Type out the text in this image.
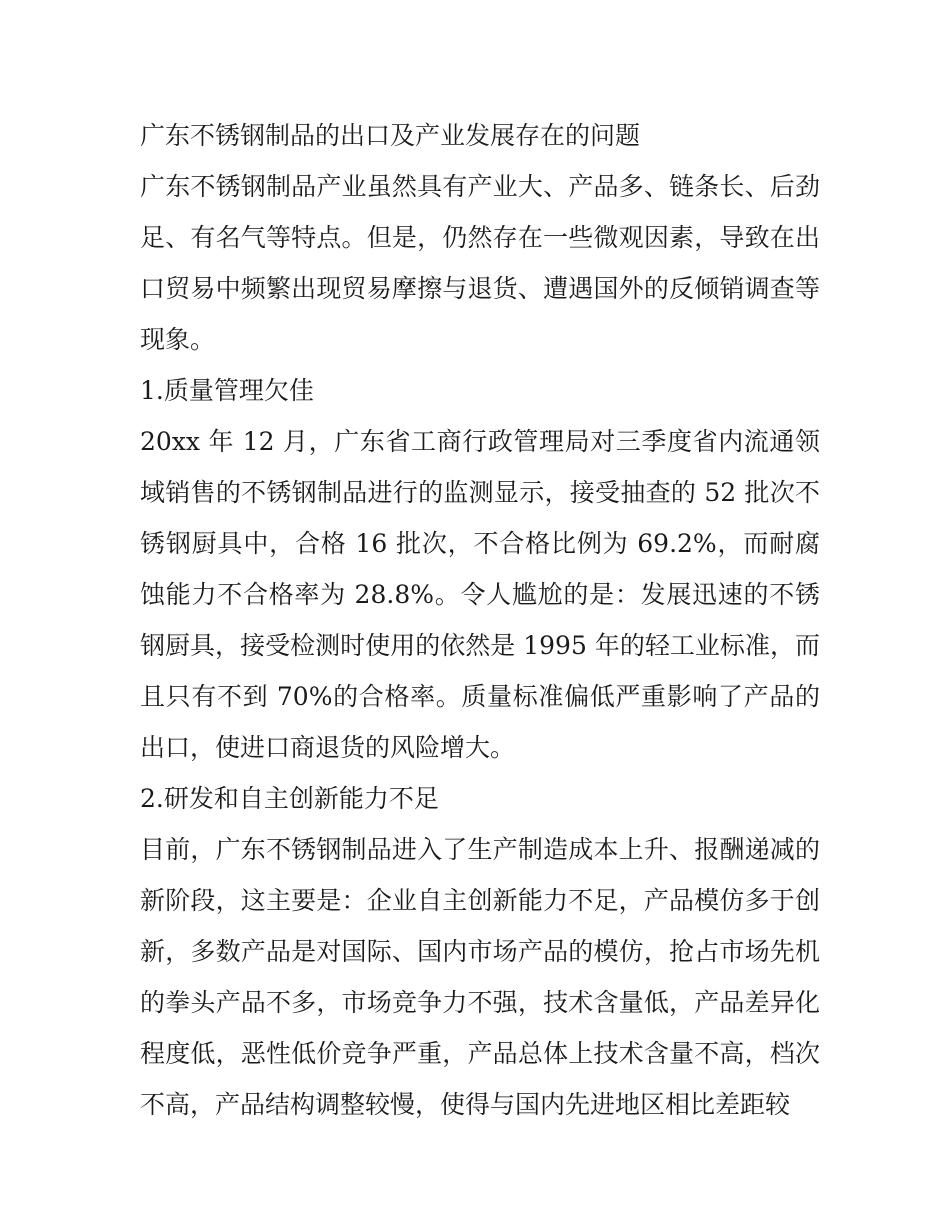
广东不锈钢制品的出口及产业发展存在的问题

广东不锈钢制品产业虽然具有产业大、产品多、链条长、后劲足、有名气等特点。但是，仍然存在一些微观因素，导致在出口贸易中频繁出现贸易摩擦与退货、遭遇国外的反倾销调查等现象。

1.质量管理欠佳

20xx 年 12 月，广东省工商行政管理局对三季度省内流通领域销售的不锈钢制品进行的监测显示，接受抽查的 52 批次不锈钢厨具中，合格 16 批次，不合格比例为 69.2%，而耐腐蚀能力不合格率为 28.8%。令人尴尬的是：发展迅速的不锈钢厨具，接受检测时使用的依然是 1995 年的轻工业标准，而且只有不到 70%的合格率。质量标准偏低严重影响了产品的出口，使进口商退货的风险增大。

2.研发和自主创新能力不足

目前，广东不锈钢制品进入了生产制造成本上升、报酬递减的新阶段，这主要是：企业自主创新能力不足，产品模仿多于创新，多数产品是对国际、国内市场产品的模仿，抢占市场先机的拳头产品不多，市场竞争力不强，技术含量低，产品差异化程度低，恶性低价竞争严重，产品总体上技术含量不高，档次不高，产品结构调整较慢，使得与国内先进地区相比差距较
